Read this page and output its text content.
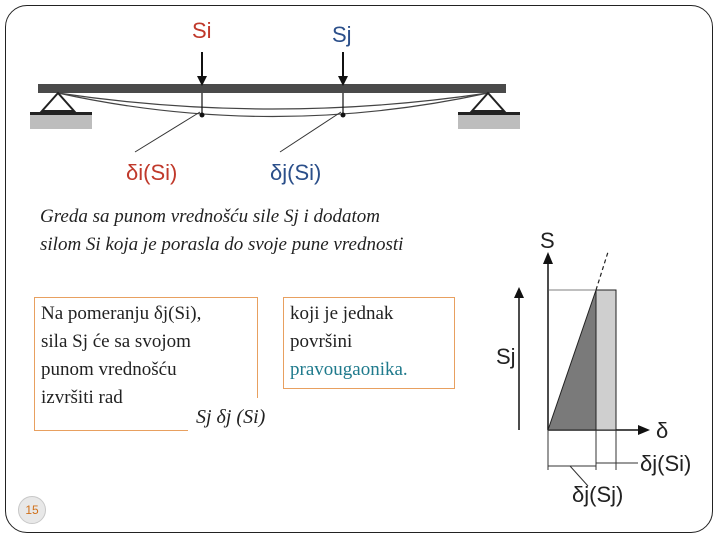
Si	Sj
δi(Si)	δj(Si)
Greda sa punom vrednošću sile Sj i dodatom
silom Si koja je porasla do svoje pune vrednosti
Na pomeranju δj(Si),
sila Sj će sa svojom
punom vrednošću
izvršiti rad
Sj δj (Si)
koji je jednak
površini
pravougaonika.
S
δ
Sj
δj(Si)
δj(Sj)
15
